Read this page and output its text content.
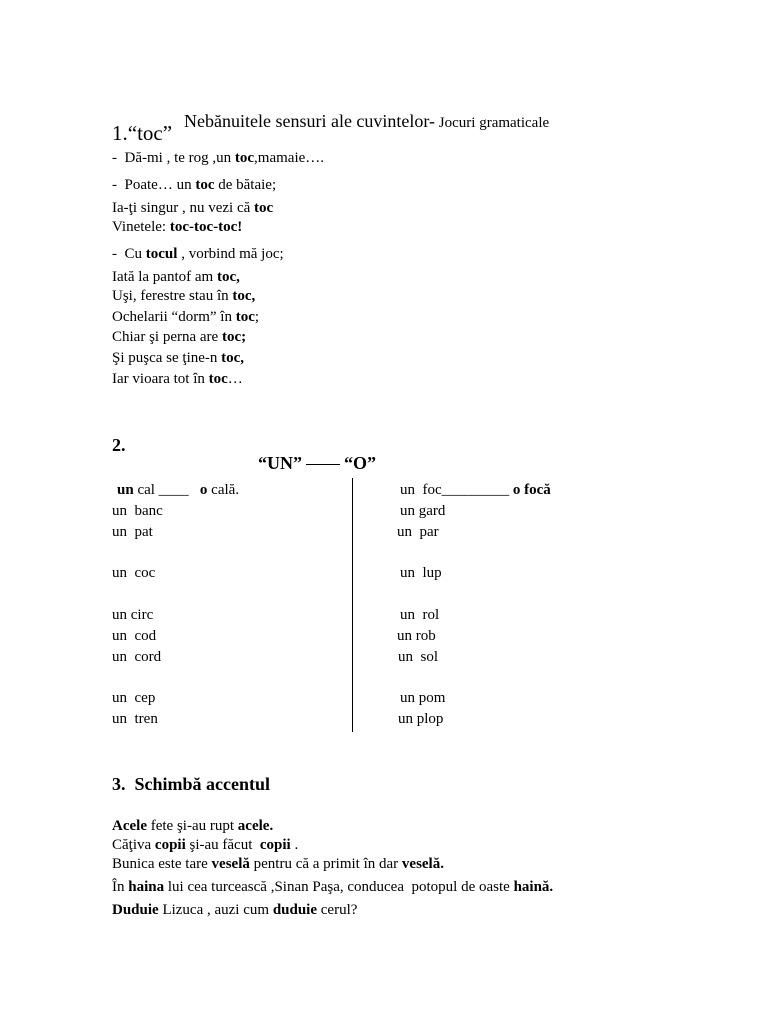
Nebănuitele sensuri ale cuvintelor- Jocuri gramaticale

1.“toc”
-  Dă-mi , te rog ,un toc,mamaie….
-  Poate… un toc de bătaie;
Ia-ţi singur , nu vezi că toc
Vinetele: toc-toc-toc!
-  Cu tocul , vorbind mă joc;
Iată la pantof am toc,
Uşi, ferestre stau în toc,
Ochelarii “dorm” în toc;
Chiar şi perna are toc;
Şi puşca se ţine-n toc,
Iar vioara tot în toc…
2.

“UN” “O”

un cal ____   o cală.
un  banc
un  pat
un  coc
un circ
un  cod
un  cord
un  cep
un  tren
un  foc_________ o focă
un gard
un  par
un  lup
un  rol
un rob
un  sol
un pom
un plop
3.  Schimbă accentul
Acele fete şi-au rupt acele.
Căţiva copii şi-au făcut  copii .
Bunica este tare veselă pentru că a primit în dar veselă.
În haina lui cea turcească ,Sinan Paşa, conducea  potopul de oaste haină.
Duduie Lizuca , auzi cum duduie cerul?
